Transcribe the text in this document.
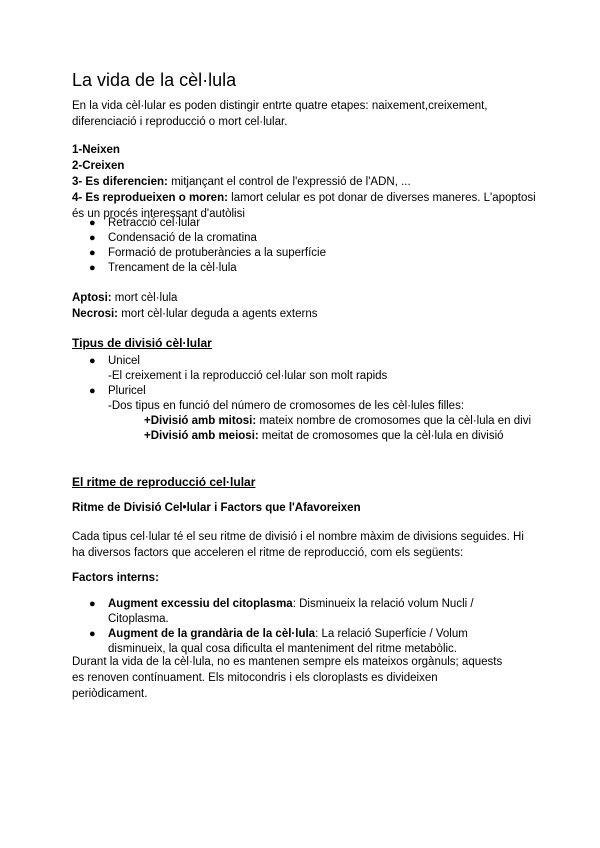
La vida de la cèl·lula

En la vida cèl·lular es poden distingir entrte quatre etapes: naixement,creixement, diferenciació i reproducció o mort cel·lular.

1-Neixen

2-Creixen

3- Es diferencien: mitjançant el control de l'expressió de l'ADN, ...

4- Es reprodueixen o moren: lamort celular es pot donar de diverses maneres. L'apoptosi és un procés interessant d'autòlisi

● Retracció cel·lular
● Condensació de la cromatina
● Formació de protuberàncies a la superfície
● Trencament de la cèl·lula

Aptosi: mort cèl·lula

Necrosi: mort cèl·lular deguda a agents externs

Tipus de divisió cèl·lular
● Unicel
-El creixement i la reproducció cel·lular son molt rapids
● Pluricel
-Dos tipus en funció del número de cromosomes de les cèl·lules filles:
+Divisió amb mitosi: mateix nombre de cromosomes que la cèl·lula en divi
+Divisió amb meiosi: meitat de cromosomes que la cèl·lula en divisió
El ritme de reproducció cel·lular
Ritme de Divisió Cel•lular i Factors que l'Afavoreixen

Cada tipus cel·lular té el seu ritme de divisió i el nombre màxim de divisions seguides. Hi ha diversos factors que acceleren el ritme de reproducció, com els següents:

Factors interns:
● Augment excessiu del citoplasma: Disminueix la relació volum Nucli / Citoplasma.
● Augment de la grandària de la cèl·lula: La relació Superfície / Volum disminueix, la qual cosa dificulta el manteniment del ritme metabòlic.

Durant la vida de la cèl·lula, no es mantenen sempre els mateixos orgànuls; aquests es renoven contínuament. Els mitocondris i els cloroplasts es divideixen periòdicament.
